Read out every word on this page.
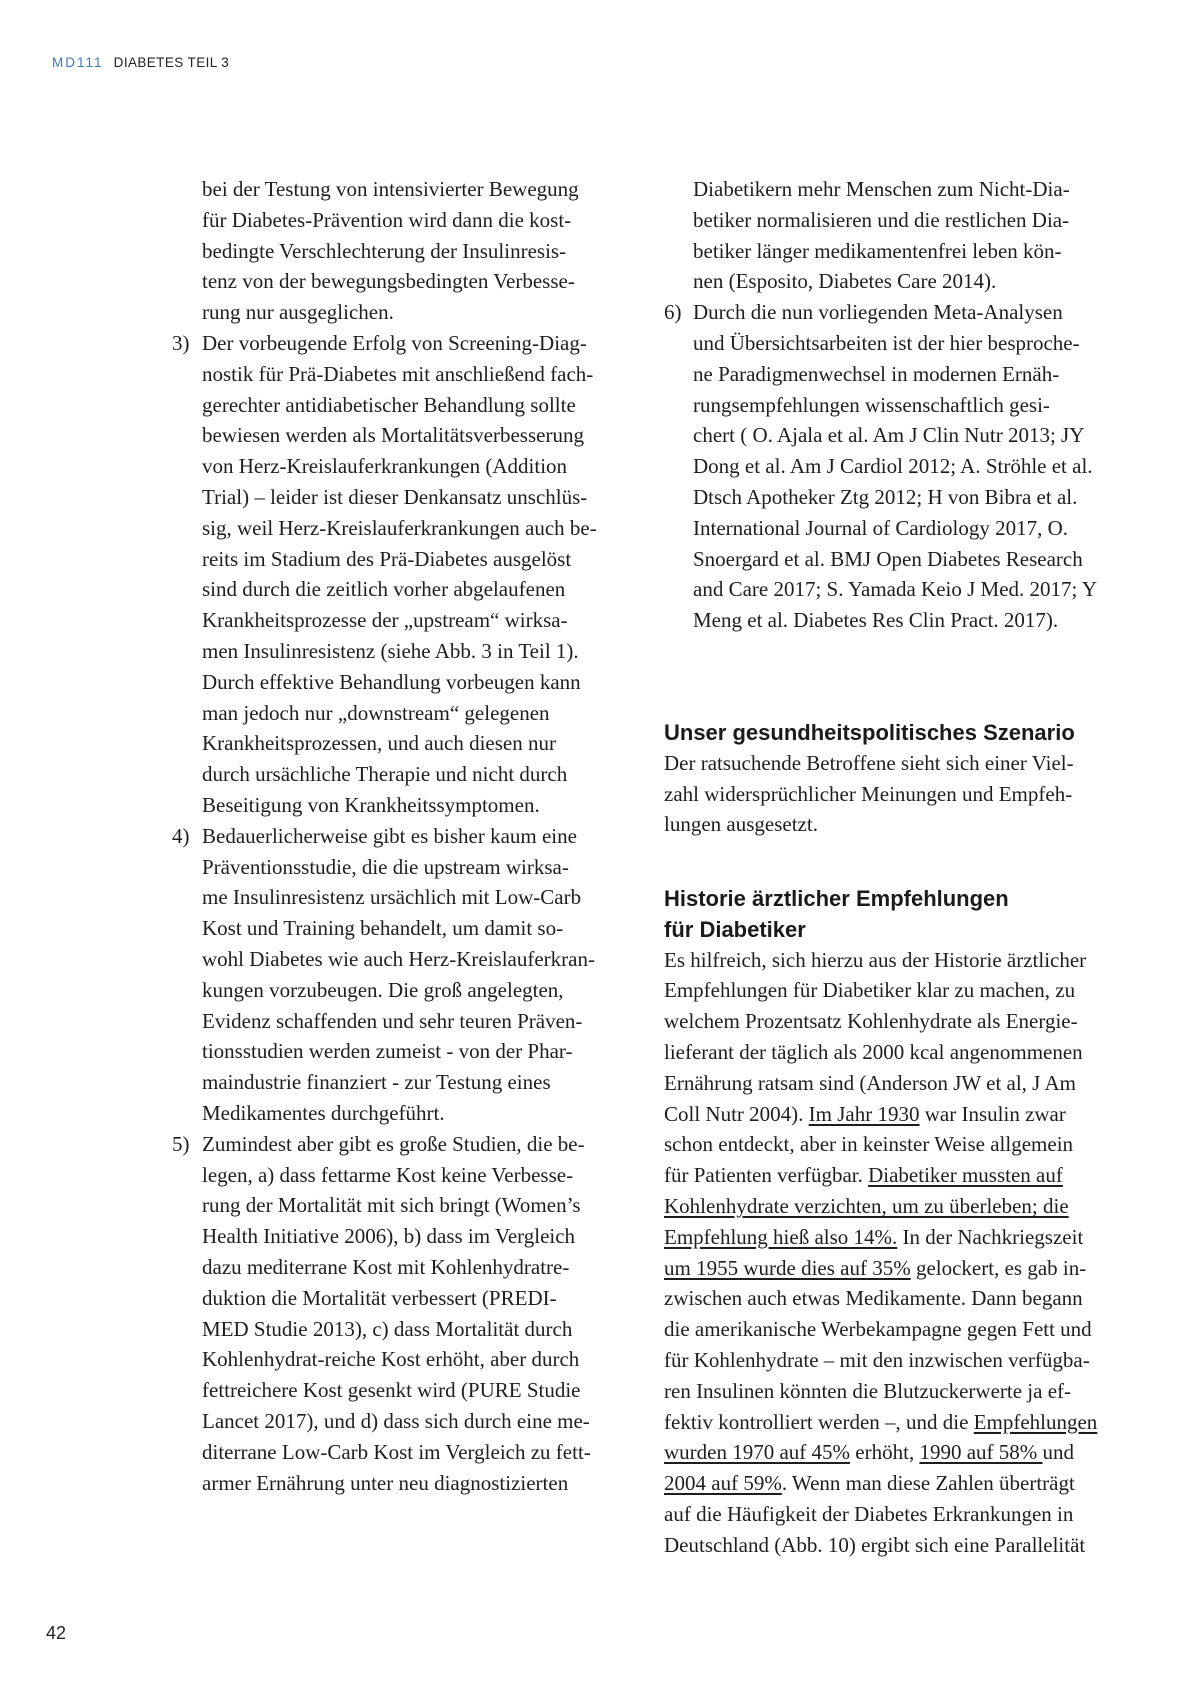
MD111 DIABETES TEIL 3
bei der Testung von intensivierter Bewegung
für Diabetes-Prävention wird dann die kost-
bedingte Verschlechterung der Insulinresis-
tenz von der bewegungsbedingten Verbesse-
rung nur ausgeglichen.
3) Der vorbeugende Erfolg von Screening-Diag-
nostik für Prä-Diabetes mit anschließend fach-
gerechter antidiabetischer Behandlung sollte
bewiesen werden als Mortalitätsverbesserung
von Herz-Kreislauferkrankungen (Addition
Trial) – leider ist dieser Denkansatz unschlüs-
sig, weil Herz-Kreislauferkrankungen auch be-
reits im Stadium des Prä-Diabetes ausgelöst
sind durch die zeitlich vorher abgelaufenen
Krankheitsprozesse der „upstream“ wirksa-
men Insulinresistenz (siehe Abb. 3 in Teil 1).
Durch effektive Behandlung vorbeugen kann
man jedoch nur „downstream“ gelegenen
Krankheitsprozessen, und auch diesen nur
durch ursächliche Therapie und nicht durch
Beseitigung von Krankheitssymptomen.
4) Bedauerlicherweise gibt es bisher kaum eine
Präventionsstudie, die die upstream wirksa-
me Insulinresistenz ursächlich mit Low-Carb
Kost und Training behandelt, um damit so-
wohl Diabetes wie auch Herz-Kreislauferkran-
kungen vorzubeugen. Die groß angelegten,
Evidenz schaffenden und sehr teuren Präven-
tionsstudien werden zumeist - von der Phar-
maindustrie finanziert - zur Testung eines
Medikamentes durchgeführt.
5) Zumindest aber gibt es große Studien, die be-
legen, a) dass fettarme Kost keine Verbesse-
rung der Mortalität mit sich bringt (Women’s
Health Initiative 2006), b) dass im Vergleich
dazu mediterrane Kost mit Kohlenhydratre-
duktion die Mortalität verbessert (PREDI-
MED Studie 2013), c) dass Mortalität durch
Kohlenhydrat-reiche Kost erhöht, aber durch
fettreichere Kost gesenkt wird (PURE Studie
Lancet 2017), und d) dass sich durch eine me-
diterrane Low-Carb Kost im Vergleich zu fett-
armer Ernährung unter neu diagnostizierten
Diabetikern mehr Menschen zum Nicht-Dia-
betiker normalisieren und die restlichen Dia-
betiker länger medikamentenfrei leben kön-
nen (Esposito, Diabetes Care 2014).
6) Durch die nun vorliegenden Meta-Analysen
und Übersichtsarbeiten ist der hier besproche-
ne Paradigmenwechsel in modernen Ernäh-
rungsempfehlungen wissenschaftlich gesi-
chert ( O. Ajala et al. Am J Clin Nutr 2013; JY
Dong et al. Am J Cardiol 2012; A. Ströhle et al.
Dtsch Apotheker Ztg 2012; H von Bibra et al.
International Journal of Cardiology 2017, O.
Snoergard et al. BMJ Open Diabetes Research
and Care 2017; S. Yamada Keio J Med. 2017; Y
Meng et al. Diabetes Res Clin Pract. 2017).
Unser gesundheitspolitisches Szenario
Der ratsuchende Betroffene sieht sich einer Viel-
zahl widersprüchlicher Meinungen und Empfeh-
lungen ausgesetzt.
Historie ärztlicher Empfehlungen
für Diabetiker
Es hilfreich, sich hierzu aus der Historie ärztlicher
Empfehlungen für Diabetiker klar zu machen, zu
welchem Prozentsatz Kohlenhydrate als Energie-
lieferant der täglich als 2000 kcal angenommenen
Ernährung ratsam sind (Anderson JW et al, J Am
Coll Nutr 2004). Im Jahr 1930 war Insulin zwar
schon entdeckt, aber in keinster Weise allgemein
für Patienten verfügbar. Diabetiker mussten auf
Kohlenhydrate verzichten, um zu überleben; die
Empfehlung hieß also 14%. In der Nachkriegszeit
um 1955 wurde dies auf 35% gelockert, es gab in-
zwischen auch etwas Medikamente. Dann begann
die amerikanische Werbekampagne gegen Fett und
für Kohlenhydrate – mit den inzwischen verfügba-
ren Insulinen könnten die Blutzuckerwerte ja ef-
fektiv kontrolliert werden –, und die Empfehlungen
wurden 1970 auf 45% erhöht, 1990 auf 58% und
2004 auf 59%. Wenn man diese Zahlen überträgt
auf die Häufigkeit der Diabetes Erkrankungen in
Deutschland (Abb. 10) ergibt sich eine Parallelität
42
